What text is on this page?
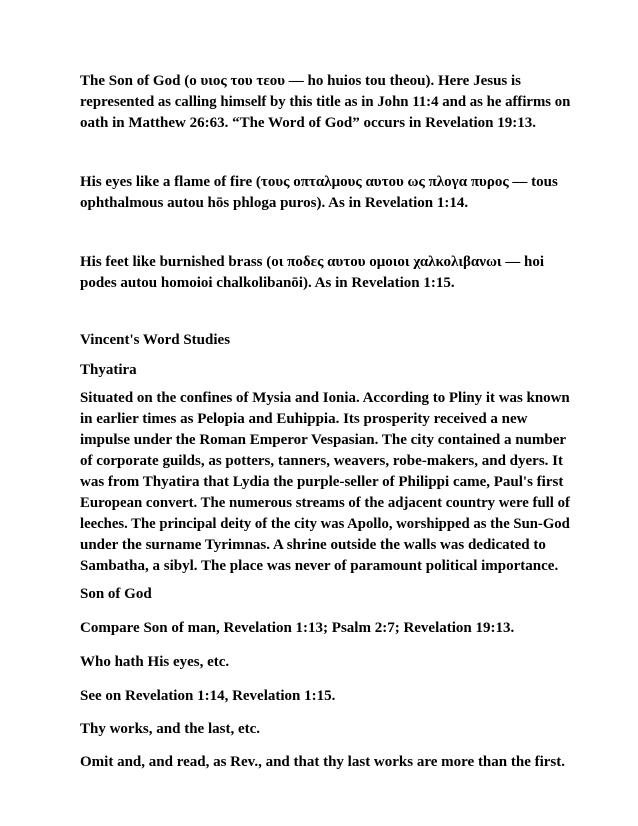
The Son of God (ο υιος του τεου — ho huios tou theou). Here Jesus is
represented as calling himself by this title as in John 11:4 and as he affirms on
oath in Matthew 26:63. “The Word of God” occurs in Revelation 19:13.
His eyes like a flame of fire (τους οπταλμους αυτου ως πλογα πυρος — tous
ophthalmous autou hōs phloga puros). As in Revelation 1:14.
His feet like burnished brass (οι ποδες αυτου ομοιοι χαλκολιβανωι — hoi
podes autou homoioi chalkolibanōi). As in Revelation 1:15.
Vincent's Word Studies
Thyatira
Situated on the confines of Mysia and Ionia. According to Pliny it was known
in earlier times as Pelopia and Euhippia. Its prosperity received a new
impulse under the Roman Emperor Vespasian. The city contained a number
of corporate guilds, as potters, tanners, weavers, robe-makers, and dyers. It
was from Thyatira that Lydia the purple-seller of Philippi came, Paul's first
European convert. The numerous streams of the adjacent country were full of
leeches. The principal deity of the city was Apollo, worshipped as the Sun-God
under the surname Tyrimnas. A shrine outside the walls was dedicated to
Sambatha, a sibyl. The place was never of paramount political importance.
Son of God
Compare Son of man, Revelation 1:13; Psalm 2:7; Revelation 19:13.
Who hath His eyes, etc.
See on Revelation 1:14, Revelation 1:15.
Thy works, and the last, etc.
Omit and, and read, as Rev., and that thy last works are more than the first.
